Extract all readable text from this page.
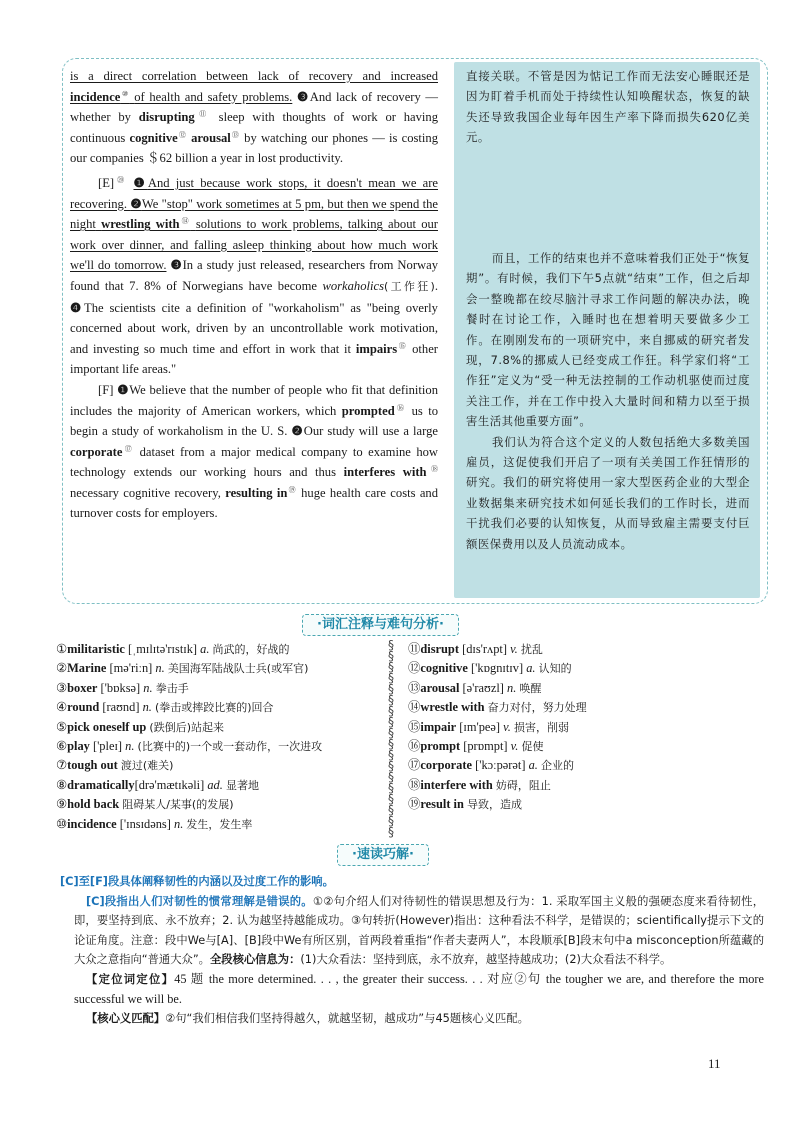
is a direct correlation between lack of recovery and increased incidence⑩ of health and safety problems. ❸And lack of recovery — whether by disrupting⑪ sleep with thoughts of work or having continuous cognitive⑫ arousal⑬ by watching our phones — is costing our companies ＄62 billion a year in lost productivity.

[E]⑳ ❶And just because work stops, it doesn't mean we are recovering. ❷We "stop" work sometimes at 5 pm, but then we spend the night wrestling with⑭ solutions to work problems, talking about our work over dinner, and falling asleep thinking about how much work we'll do tomorrow. ❸In a study just released, researchers from Norway found that 7. 8% of Norwegians have become workaholics(工作狂). ❹The scientists cite a definition of "workaholism" as "being overly concerned about work, driven by an uncontrollable work motivation, and investing so much time and effort in work that it impairs⑮ other important life areas."

[F] ❶We believe that the number of people who fit that definition includes the majority of American workers, which prompted⑯ us to begin a study of workaholism in the U. S. ❷Our study will use a large corporate⑰ dataset from a major medical company to examine how technology extends our working hours and thus interferes with⑱ necessary cognitive recovery, resulting in⑲ huge health care costs and turnover costs for employers.

直接关联。不管是因为惦记工作而无法安心睡眠还是因为盯着手机而处于持续性认知唤醒状态，恢复的缺失还导致我国企业每年因生产率下降而损失620亿美元。

而且，工作的结束也并不意味着我们正处于“恢复期”。有时候，我们下午5点就“结束”工作，但之后却会一整晚都在绞尽脑汁寻求工作问题的解决办法，晚餐时在讨论工作，入睡时也在想着明天要做多少工作。在刚刚发布的一项研究中，来自挪威的研究者发现，7.8%的挪威人已经变成工作狂。科学家们将“工作狂”定义为“受一种无法控制的工作动机驱使而过度关注工作，并在工作中投入大量时间和精力以至于损害生活其他重要方面”。

我们认为符合这个定义的人数包括绝大多数美国雇员，这促使我们开启了一项有关美国工作狂情形的研究。我们的研究将使用一家大型医药企业的大型企业数据集来研究技术如何延长我们的工作时长，进而干扰我们必要的认知恢复，从而导致雇主需要支付巨额医保费用以及人员流动成本。

·词汇注释与难句分析·
①militaristic [ˌmɪlɪtə'rɪstɪk] a. 尚武的，好战的
②Marine [mə'riːn] n. 美国海军陆战队士兵(或军官)
③boxer ['bɒksə] n. 拳击手
④round [raʊnd] n. (拳击或摔跤比赛的)回合
⑤pick oneself up (跌倒后)站起来
⑥play ['pleɪ] n. (比赛中的)一个或一套动作，一次进攻
⑦tough out 渡过(难关)
⑧dramatically[drə'mætɪkəli] ad. 显著地
⑨hold back 阻碍某人/某事(的发展)
⑩incidence ['ɪnsɪdəns] n. 发生，发生率
§§§§§§§§§§§§§§§§§§
⑪disrupt [dɪs'rʌpt] v. 扰乱
⑫cognitive ['kɒgnɪtɪv] a. 认知的
⑬arousal [ə'raʊzl] n. 唤醒
⑭wrestle with 奋力对付，努力处理
⑮impair [ɪm'peə] v. 损害，削弱
⑯prompt [prɒmpt] v. 促使
⑰corporate ['kɔːpərət] a. 企业的
⑱interfere with 妨碍，阻止
⑲result in 导致，造成
·速读巧解·

[C]至[F]段具体阐释韧性的内涵以及过度工作的影响。

[C]段指出人们对韧性的惯常理解是错误的。①②句介绍人们对待韧性的错误思想及行为：1. 采取军国主义般的强硬态度来看待韧性，即，要坚持到底、永不放弃；2. 认为越坚持越能成功。③句转折(However)指出：这种看法不科学，是错误的；scientifically提示下文的论证角度。注意：段中We与[A]、[B]段中We有所区别，首两段着重指“作者夫妻两人”，本段顺承[B]段末句中a misconception所蕴藏的大众之意指向“普通大众”。全段核心信息为：(1)大众看法：坚持到底，永不放弃，越坚持越成功；(2)大众看法不科学。

【定位词定位】45 题 the more determined. . . , the greater their success. . . 对应②句 the tougher we are, and therefore the more successful we will be.

【核心义匹配】②句“我们相信我们坚持得越久，就越坚韧，越成功”与45题核心义匹配。

11
